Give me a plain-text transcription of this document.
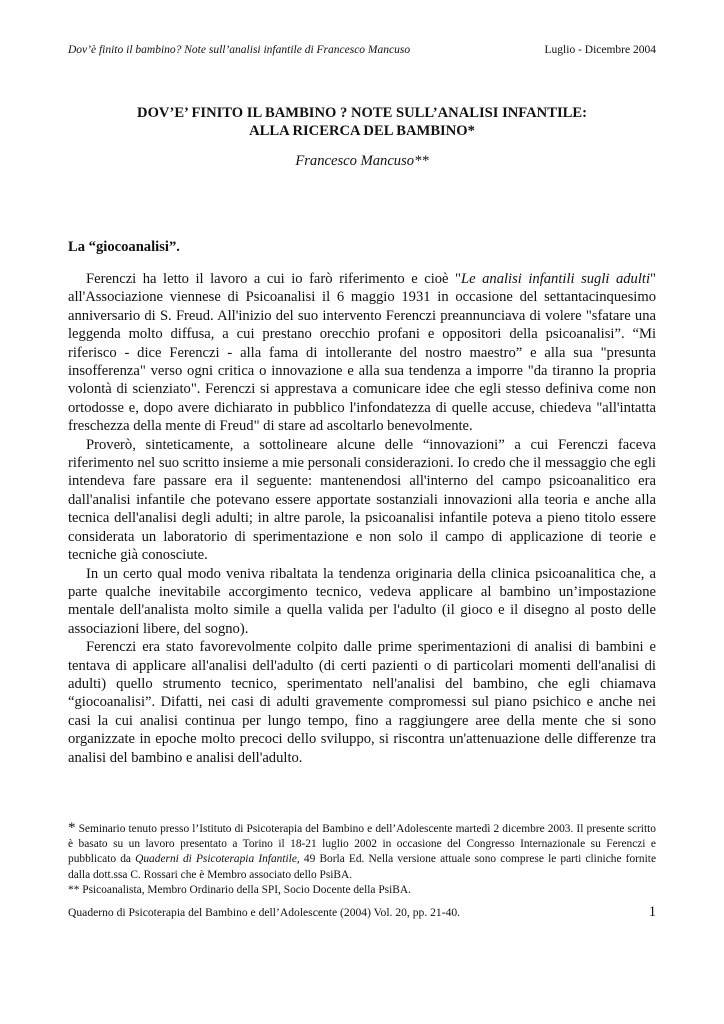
Dov’è finito il bambino? Note sull’analisi infantile di Francesco Mancuso	Luglio - Dicembre 2004
DOV’E’ FINITO IL BAMBINO ? NOTE SULL’ANALISI INFANTILE:
ALLA RICERCA DEL BAMBINO*
Francesco Mancuso**
La “giocoanalisi”.

Ferenczi ha letto il lavoro a cui io farò riferimento e cioè "Le analisi infantili sugli adulti" all'Associazione viennese di Psicoanalisi il 6 maggio 1931 in occasione del settantacinquesimo anniversario di S. Freud. All'inizio del suo intervento Ferenczi preannunciava di volere "sfatare una leggenda molto diffusa, a cui prestano orecchio profani e oppositori della psicoanalisi”. “Mi riferisco - dice Ferenczi - alla fama di intollerante del nostro maestro” e alla sua "presunta insofferenza" verso ogni critica o innovazione e alla sua tendenza a imporre "da tiranno la propria volontà di scienziato". Ferenczi si apprestava a comunicare idee che egli stesso definiva come non ortodosse e, dopo avere dichiarato in pubblico l'infondatezza di quelle accuse, chiedeva "all'intatta freschezza della mente di Freud" di stare ad ascoltarlo benevolmente.

Proverò, sinteticamente, a sottolineare alcune delle “innovazioni” a cui Ferenczi faceva riferimento nel suo scritto insieme a mie personali considerazioni. Io credo che il messaggio che egli intendeva fare passare era il seguente: mantenendosi all'interno del campo psicoanalitico era dall'analisi infantile che potevano essere apportate sostanziali innovazioni alla teoria e anche alla tecnica dell'analisi degli adulti; in altre parole, la psicoanalisi infantile poteva a pieno titolo essere considerata un laboratorio di sperimentazione e non solo il campo di applicazione di teorie e tecniche già conosciute.

In un certo qual modo veniva ribaltata la tendenza originaria della clinica psicoanalitica che, a parte qualche inevitabile accorgimento tecnico, vedeva applicare al bambino un’impostazione mentale dell'analista molto simile a quella valida per l'adulto (il gioco e il disegno al posto delle associazioni libere, del sogno).

Ferenczi era stato favorevolmente colpito dalle prime sperimentazioni di analisi di bambini e tentava di applicare all'analisi dell'adulto (di certi pazienti o di particolari momenti dell'analisi di adulti) quello strumento tecnico, sperimentato nell'analisi del bambino, che egli chiamava “giocoanalisi”. Difatti, nei casi di adulti gravemente compromessi sul piano psichico e anche nei casi la cui analisi continua per lungo tempo, fino a raggiungere aree della mente che si sono organizzate in epoche molto precoci dello sviluppo, si riscontra un'attenuazione delle differenze tra analisi del bambino e analisi dell'adulto.

* Seminario tenuto presso l’Istituto di Psicoterapia del Bambino e dell’Adolescente martedì 2 dicembre 2003. Il presente scritto è basato su un lavoro presentato a Torino il 18-21 luglio 2002 in occasione del Congresso Internazionale su Ferenczi e pubblicato da Quaderni di Psicoterapia Infantile, 49 Borla Ed. Nella versione attuale sono comprese le parti cliniche fornite dalla dott.ssa C. Rossari che è Membro associato dello PsiBA.

** Psicoanalista, Membro Ordinario della SPI, Socio Docente della PsiBA.

Quaderno di Psicoterapia del Bambino e dell’Adolescente (2004) Vol. 20, pp. 21-40.	1
